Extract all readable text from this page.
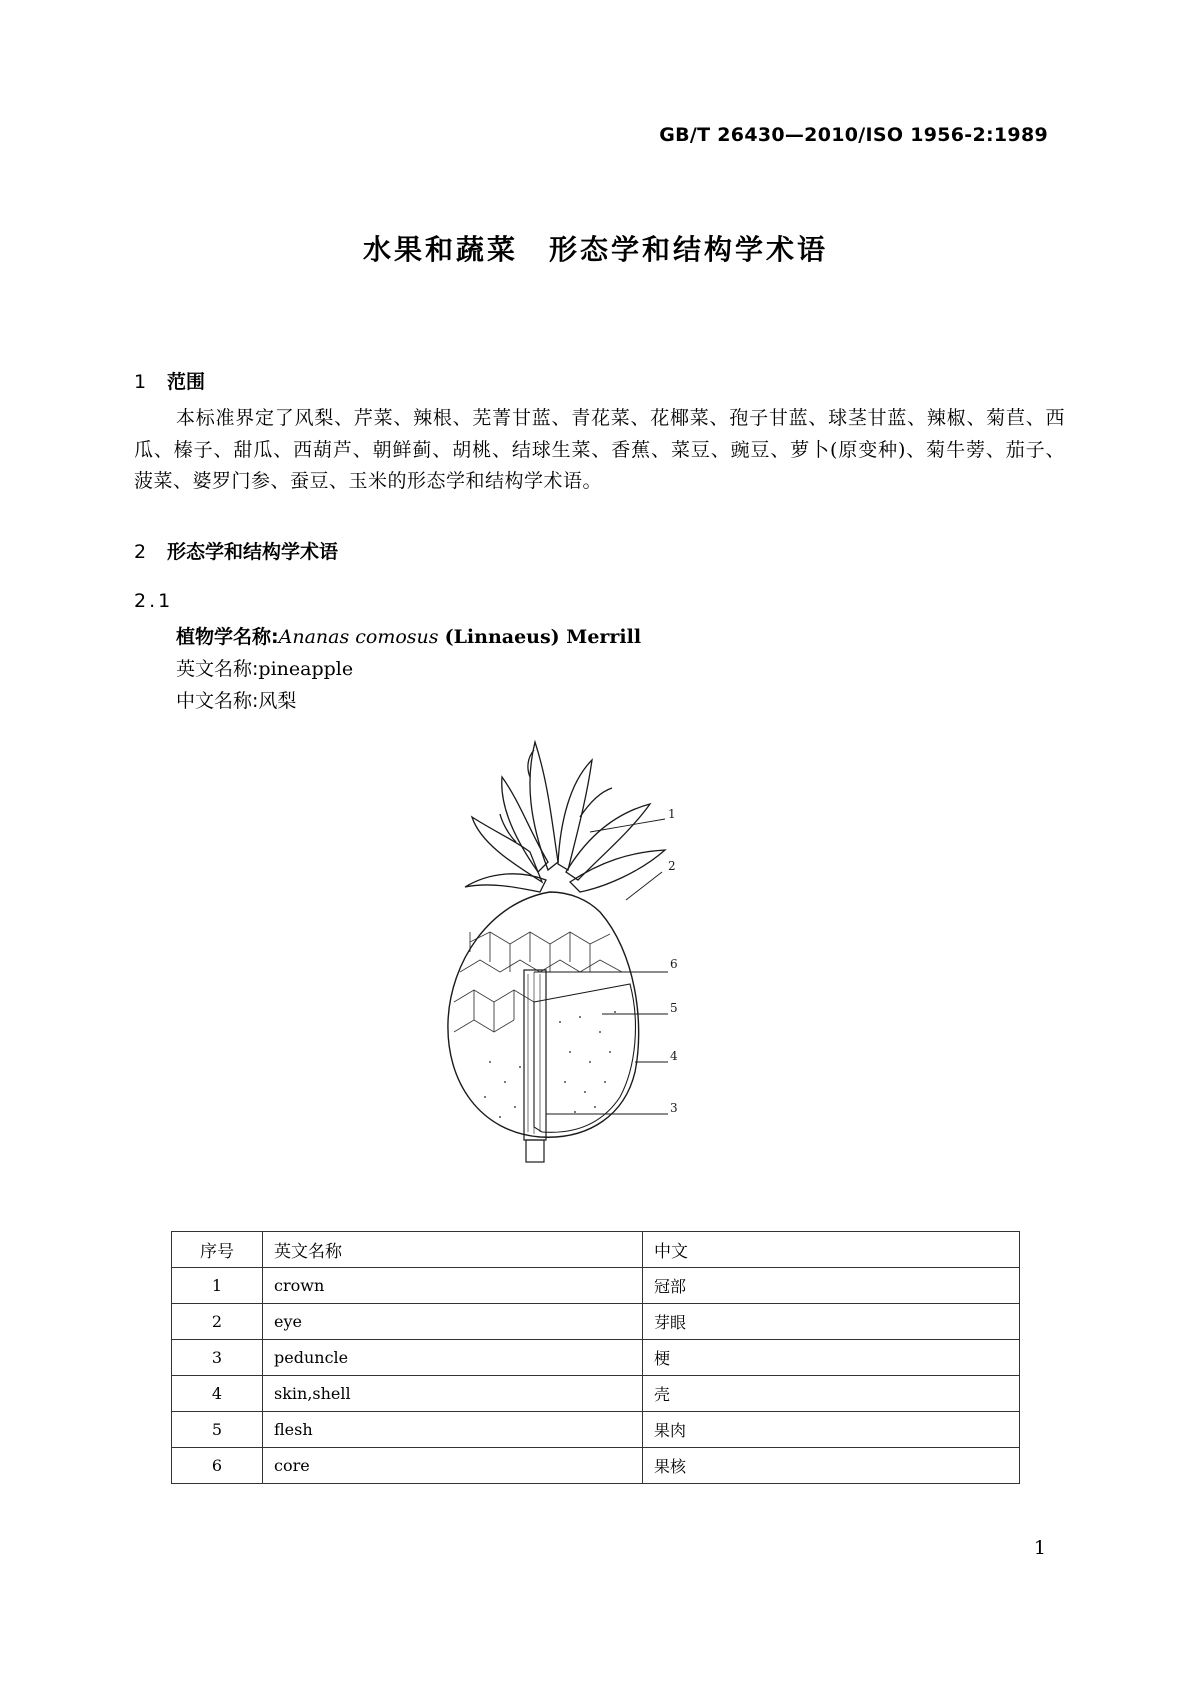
GB/T 26430—2010/ISO 1956-2:1989
水果和蔬菜　形态学和结构学术语
1 范围
本标准界定了风梨、芹菜、辣根、芜菁甘蓝、青花菜、花椰菜、孢子甘蓝、球茎甘蓝、辣椒、菊苣、西瓜、榛子、甜瓜、西葫芦、朝鲜蓟、胡桃、结球生菜、香蕉、菜豆、豌豆、萝卜(原变种)、菊牛蒡、茄子、菠菜、婆罗门参、蚕豆、玉米的形态学和结构学术语。
2 形态学和结构学术语
2.1
植物学名称:Ananas comosus (Linnaeus) Merrill
英文名称:pineapple
中文名称:风梨
1
2
6
5
4
3
序号	英文名称	中文
1	crown	冠部
2	eye	芽眼
3	peduncle	梗
4	skin,shell	壳
5	flesh	果肉
6	core	果核
1
